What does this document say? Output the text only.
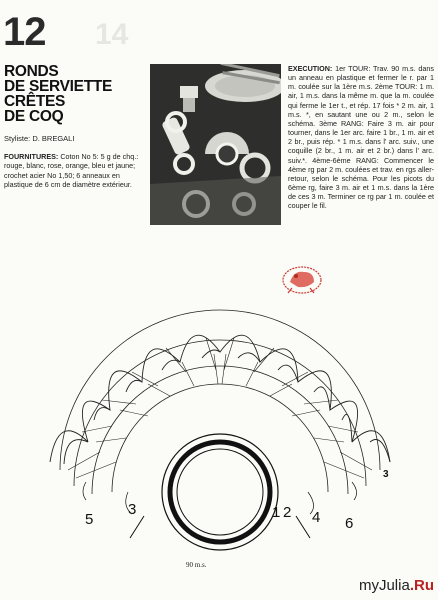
12 14
RONDS
DE SERVIETTE
CRÊTES
DE COQ
Styliste: D. BREGALI
FOURNITURES: Coton No 5: 5 g de chq.: rouge, blanc, rose, orange, bleu et jaune; crochet acier No 1,50; 6 anneaux en plastique de 6 cm de diamètre extérieur.
EXECUTION: 1er TOUR: Trav. 90 m.s. dans un anneau en plastique et fermer le r. par 1 m. coulée sur la 1ère m.s. 2ème TOUR: 1 m. air, 1 m.s. dans la même m. que la m. coulée qui ferme le 1er t., et rép. 17 fois * 2 m. air, 1 m.s. *, en sautant une ou 2 m., selon le schéma. 3ème RANG: Faire 3 m. air pour tourner, dans le 1er arc. faire 1 br., 1 m. air et 2 br., puis rép. * 1 m.s. dans l' arc. suiv., une coquille (2 br., 1 m. air et 2 br.) dans l' arc. suiv.*. 4ème-6ème RANG: Commencer le 4ème rg par 2 m. coulées et trav. en rgs aller-retour, selon le schéma. Pour les picots du 6ème rg, faire 3 m. air et 1 m.s. dans la 1ère de ces 3 m. Terminer ce rg par 1 m. coulée et couper le fil.
5
3	1 2 4 6
3
90 m.s.
myJulia.Ru
